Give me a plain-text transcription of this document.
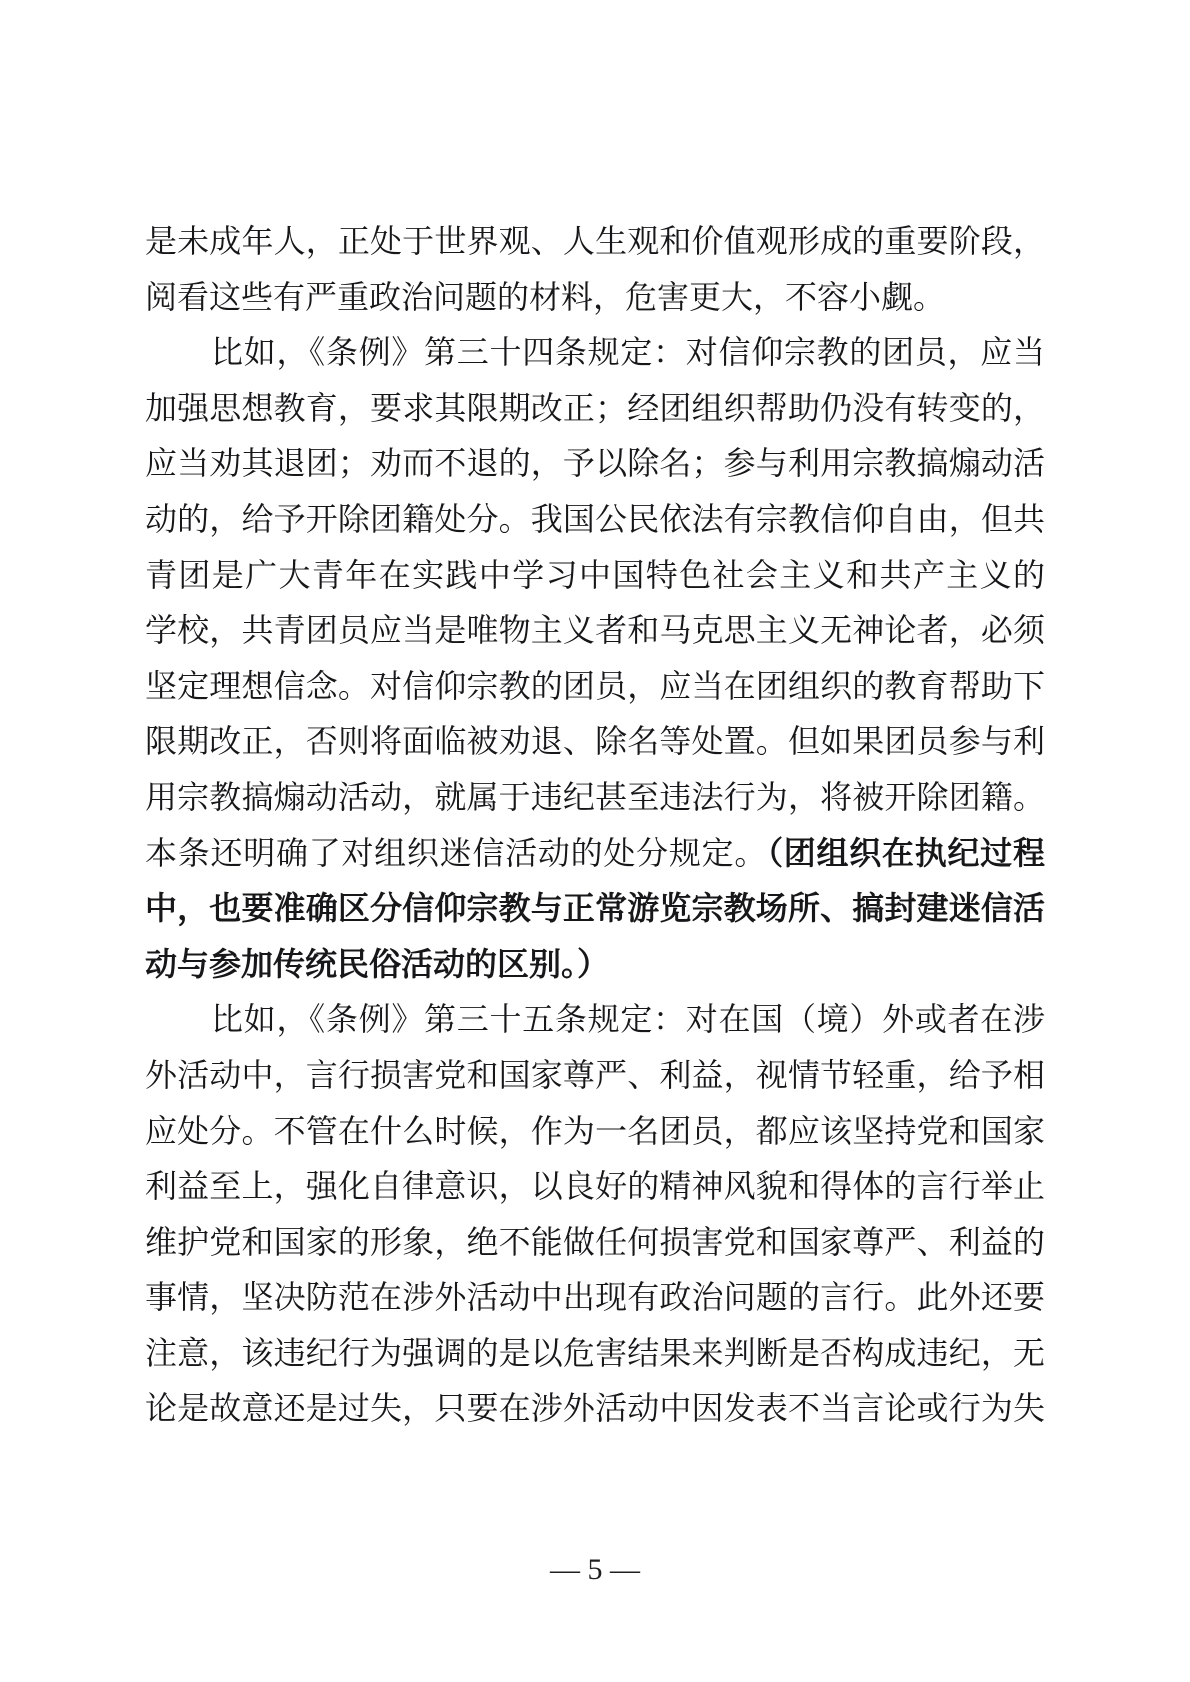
是未成年人，正处于世界观、人生观和价值观形成的重要阶段，
阅看这些有严重政治问题的材料，危害更大，不容小觑。
比如，《条例》第三十四条规定：对信仰宗教的团员，应当
加强思想教育，要求其限期改正；经团组织帮助仍没有转变的，
应当劝其退团；劝而不退的，予以除名；参与利用宗教搞煽动活
动的，给予开除团籍处分。我国公民依法有宗教信仰自由，但共
青团是广大青年在实践中学习中国特色社会主义和共产主义的
学校，共青团员应当是唯物主义者和马克思主义无神论者，必须
坚定理想信念。对信仰宗教的团员，应当在团组织的教育帮助下
限期改正，否则将面临被劝退、除名等处置。但如果团员参与利
用宗教搞煽动活动，就属于违纪甚至违法行为，将被开除团籍。
本条还明确了对组织迷信活动的处分规定。（团组织在执纪过程
中，也要准确区分信仰宗教与正常游览宗教场所、搞封建迷信活
动与参加传统民俗活动的区别。）
比如，《条例》第三十五条规定：对在国（境）外或者在涉
外活动中，言行损害党和国家尊严、利益，视情节轻重，给予相
应处分。不管在什么时候，作为一名团员，都应该坚持党和国家
利益至上，强化自律意识，以良好的精神风貌和得体的言行举止
维护党和国家的形象，绝不能做任何损害党和国家尊严、利益的
事情，坚决防范在涉外活动中出现有政治问题的言行。此外还要
注意，该违纪行为强调的是以危害结果来判断是否构成违纪，无
论是故意还是过失，只要在涉外活动中因发表不当言论或行为失
— 5 —
